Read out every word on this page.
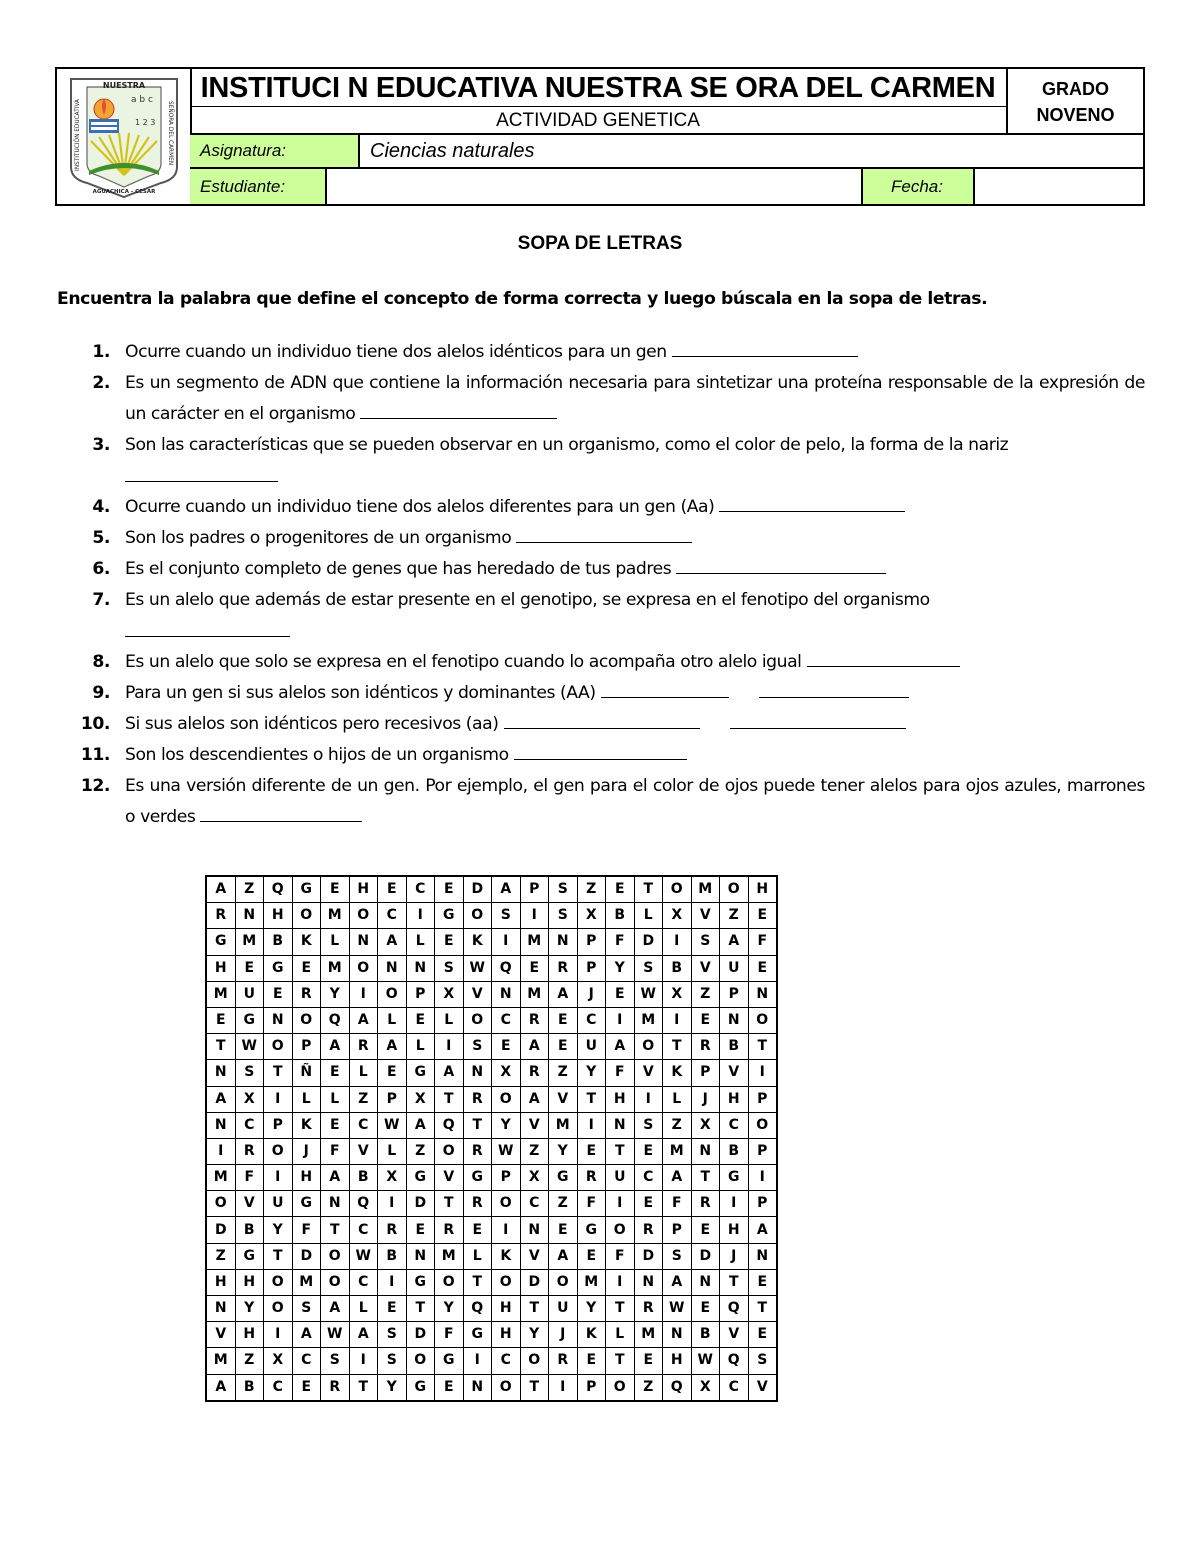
NUESTRA
INSTITUCIÓN EDUCATIVA	SEÑORA DEL CARMEN
a b c
1 2 3
AGUACHICA - CESAR
INSTITUCI N EDUCATIVA NUESTRA SE ORA DEL CARMEN
ACTIVIDAD GENETICA
GRADO
NOVENO
Asignatura:	Ciencias naturales
Estudiante:	Fecha:
SOPA DE LETRAS
Encuentra la palabra que define el concepto de forma correcta y luego búscala en la sopa de letras.
1. Ocurre cuando un individuo tiene dos alelos idénticos para un gen
2. Es un segmento de ADN que contiene la información necesaria para sintetizar una proteína responsable de la expresión de un carácter en el organismo
3. Son las características que se pueden observar en un organismo, como el color de pelo, la forma de la nariz
4. Ocurre cuando un individuo tiene dos alelos diferentes para un gen (Aa)
5. Son los padres o progenitores de un organismo
6. Es el conjunto completo de genes que has heredado de tus padres
7. Es un alelo que además de estar presente en el genotipo, se expresa en el fenotipo del organismo
8. Es un alelo que solo se expresa en el fenotipo cuando lo acompaña otro alelo igual
9. Para un gen si sus alelos son idénticos y dominantes (AA)
10. Si sus alelos son idénticos pero recesivos (aa)
11. Son los descendientes o hijos de un organismo
12. Es una versión diferente de un gen. Por ejemplo, el gen para el color de ojos puede tener alelos para ojos azules, marrones o verdes
A	Z	Q	G	E	H	E	C	E	D	A	P	S	Z	E	T	O	M	O	H
R	N	H	O	M	O	C	I	G	O	S	I	S	X	B	L	X	V	Z	E
G	M	B	K	L	N	A	L	E	K	I	M	N	P	F	D	I	S	A	F
H	E	G	E	M	O	N	N	S	W	Q	E	R	P	Y	S	B	V	U	E
M	U	E	R	Y	I	O	P	X	V	N	M	A	J	E	W	X	Z	P	N
E	G	N	O	Q	A	L	E	L	O	C	R	E	C	I	M	I	E	N	O
T	W	O	P	A	R	A	L	I	S	E	A	E	U	A	O	T	R	B	T
N	S	T	Ñ	E	L	E	G	A	N	X	R	Z	Y	F	V	K	P	V	I
A	X	I	L	L	Z	P	X	T	R	O	A	V	T	H	I	L	J	H	P
N	C	P	K	E	C	W	A	Q	T	Y	V	M	I	N	S	Z	X	C	O
I	R	O	J	F	V	L	Z	O	R	W	Z	Y	E	T	E	M	N	B	P
M	F	I	H	A	B	X	G	V	G	P	X	G	R	U	C	A	T	G	I
O	V	U	G	N	Q	I	D	T	R	O	C	Z	F	I	E	F	R	I	P
D	B	Y	F	T	C	R	E	R	E	I	N	E	G	O	R	P	E	H	A
Z	G	T	D	O	W	B	N	M	L	K	V	A	E	F	D	S	D	J	N
H	H	O	M	O	C	I	G	O	T	O	D	O	M	I	N	A	N	T	E
N	Y	O	S	A	L	E	T	Y	Q	H	T	U	Y	T	R	W	E	Q	T
V	H	I	A	W	A	S	D	F	G	H	Y	J	K	L	M	N	B	V	E
M	Z	X	C	S	I	S	O	G	I	C	O	R	E	T	E	H	W	Q	S
A	B	C	E	R	T	Y	G	E	N	O	T	I	P	O	Z	Q	X	C	V
